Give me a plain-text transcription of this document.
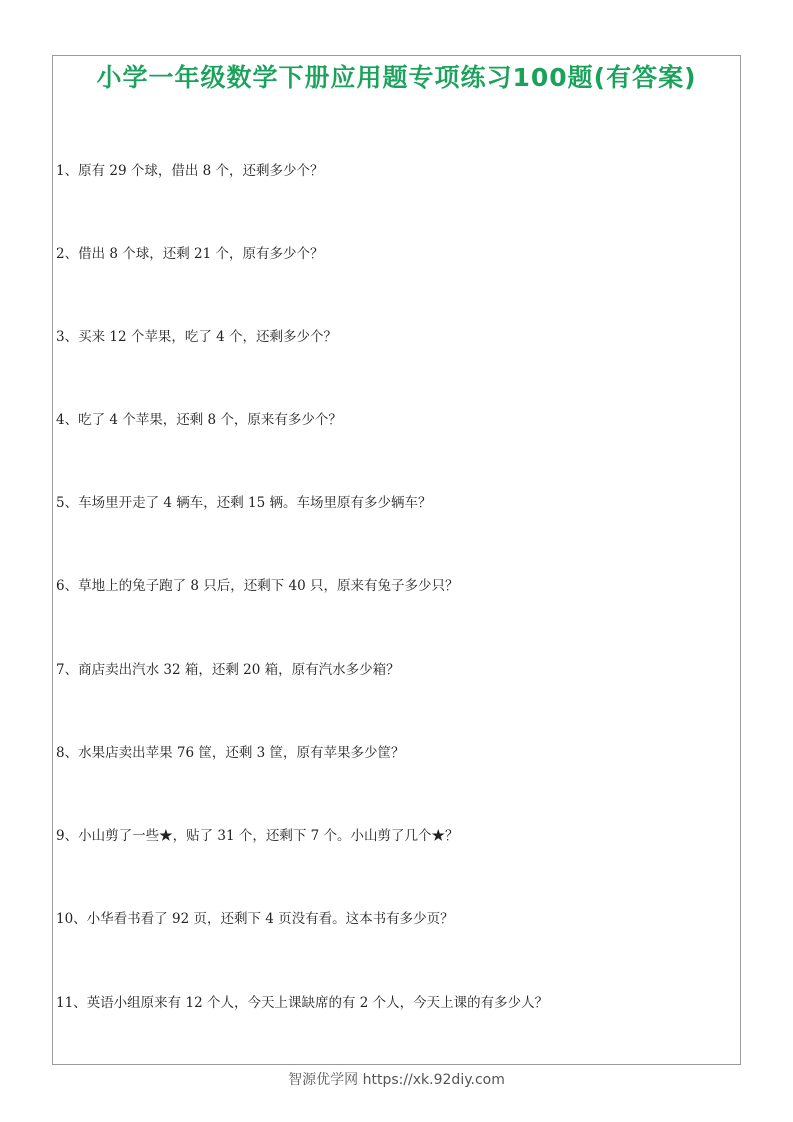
小学一年级数学下册应用题专项练习100题(有答案)
1、原有 29 个球，借出 8 个，还剩多少个？
2、借出 8 个球，还剩 21 个，原有多少个？
3、买来 12 个苹果，吃了 4 个，还剩多少个？
4、吃了 4 个苹果，还剩 8 个，原来有多少个？
5、车场里开走了 4 辆车，还剩 15 辆。车场里原有多少辆车？
6、草地上的兔子跑了 8 只后，还剩下 40 只，原来有兔子多少只？
7、商店卖出汽水 32 箱，还剩 20 箱，原有汽水多少箱？
8、水果店卖出苹果 76 筐，还剩 3 筐，原有苹果多少筐？
9、小山剪了一些★，贴了 31 个，还剩下 7 个。小山剪了几个★？
10、小华看书看了 92 页，还剩下 4 页没有看。这本书有多少页？
11、英语小组原来有 12 个人，今天上课缺席的有 2 个人，今天上课的有多少人？
智源优学网 https://xk.92diy.com
